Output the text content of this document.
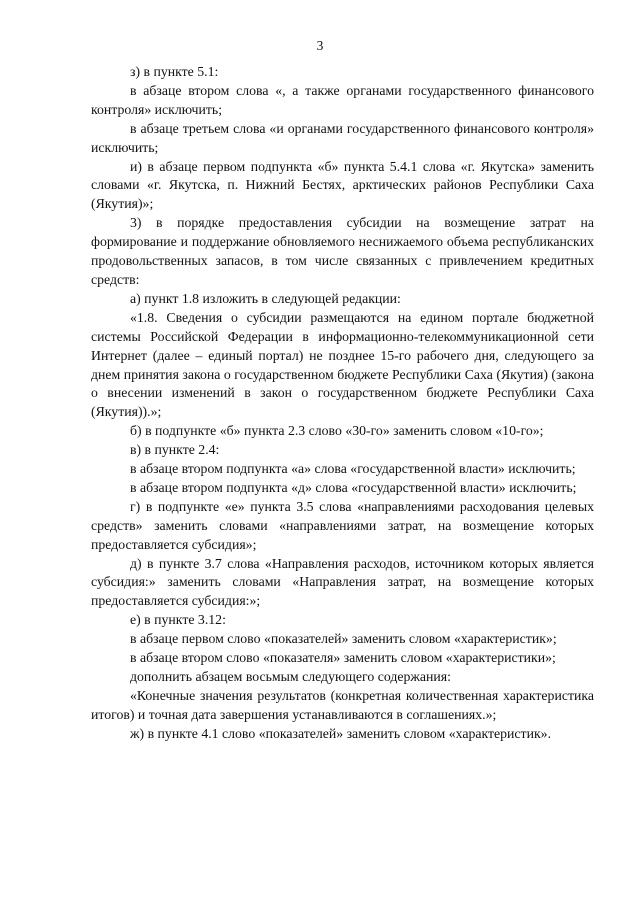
3

з) в пункте 5.1:

в абзаце втором слова «, а также органами государственного финансового контроля» исключить;

в абзаце третьем слова «и органами государственного финансового контроля» исключить;

и) в абзаце первом подпункта «б» пункта 5.4.1 слова «г. Якутска» заменить словами «г. Якутска, п. Нижний Бестях, арктических районов Республики Саха (Якутия)»;

3) в порядке предоставления субсидии на возмещение затрат на формирование и поддержание обновляемого неснижаемого объема республиканских продовольственных запасов, в том числе связанных с привлечением кредитных средств:

а) пункт 1.8 изложить в следующей редакции:

«1.8. Сведения о субсидии размещаются на едином портале бюджетной системы Российской Федерации в информационно-телекоммуникационной сети Интернет (далее – единый портал) не позднее 15-го рабочего дня, следующего за днем принятия закона о государственном бюджете Республики Саха (Якутия) (закона о внесении изменений в закон о государственном бюджете Республики Саха (Якутия)).»;

б) в подпункте «б» пункта 2.3 слово «30-го» заменить словом «10-го»;

в) в пункте 2.4:

в абзаце втором подпункта «а» слова «государственной власти» исключить;

в абзаце втором подпункта «д» слова «государственной власти» исключить;

г) в подпункте «е» пункта 3.5 слова «направлениями расходования целевых средств» заменить словами «направлениями затрат, на возмещение которых предоставляется субсидия»;

д) в пункте 3.7 слова «Направления расходов, источником которых является субсидия:» заменить словами «Направления затрат, на возмещение которых предоставляется субсидия:»;

е) в пункте 3.12:

в абзаце первом слово «показателей» заменить словом «характеристик»;

в абзаце втором слово «показателя» заменить словом «характеристики»;

дополнить абзацем восьмым следующего содержания:

«Конечные значения результатов (конкретная количественная характеристика итогов) и точная дата завершения устанавливаются в соглашениях.»;

ж) в пункте 4.1 слово «показателей» заменить словом «характеристик».
